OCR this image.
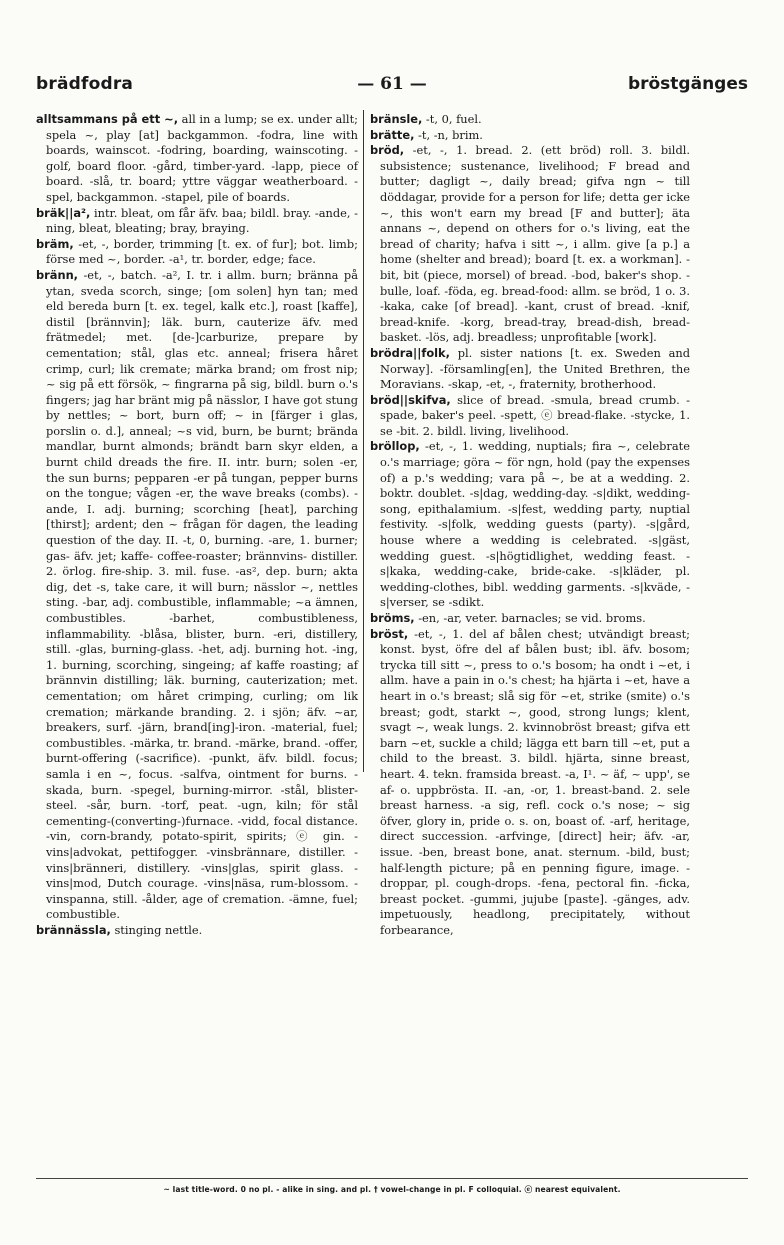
brädfodra	— 61 —	bröstgänges

alltsammans på ett ~, all in a lump; se ex. under allt; spela ~, play [at] backgammon. -fodra, line with boards, wainscot. -fodring, boarding, wainscoting. -golf, board floor. -gård, timber-yard. -lapp, piece of board. -slå, tr. board; yttre väggar weatherboard. -spel, backgammon. -stapel, pile of boards.

bräk||a², intr. bleat, om får äfv. baa; bildl. bray. -ande, -ning, bleat, bleating; bray, braying.

bräm, -et, -, border, trimming [t. ex. of fur]; bot. limb; förse med ~, border. -a¹, tr. border, edge; face.

bränn, -et, -, batch. -a², I. tr. i allm. burn; bränna på ytan, sveda scorch, singe; [om solen] hyn tan; med eld bereda burn [t. ex. tegel, kalk etc.], roast [kaffe], distil [brännvin]; läk. burn, cauterize äfv. med frätmedel; met. [de-]carburize, prepare by cementation; stål, glas etc. anneal; frisera håret crimp, curl; lik cremate; märka brand; om frost nip; ~ sig på ett försök, ~ fingrarna på sig, bildl. burn o.'s fingers; jag har bränt mig på nässlor, I have got stung by nettles; ~ bort, burn off; ~ in [färger i glas, porslin o. d.], anneal; ~s vid, burn, be burnt; brända mandlar, burnt almonds; brändt barn skyr elden, a burnt child dreads the fire. II. intr. burn; solen -er, the sun burns; pepparen -er på tungan, pepper burns on the tongue; vågen -er, the wave breaks (combs). -ande, I. adj. burning; scorching [heat], parching [thirst]; ardent; den ~ frågan för dagen, the leading question of the day. II. -t, 0, burning. -are, 1. burner; gas- äfv. jet; kaffe- coffee-roaster; brännvins- distiller. 2. örlog. fire-ship. 3. mil. fuse. -as², dep. burn; akta dig, det -s, take care, it will burn; nässlor ~, nettles sting. -bar, adj. combustible, inflammable; ~a ämnen, combustibles. -barhet, combustibleness, inflammability. -blåsa, blister, burn. -eri, distillery, still. -glas, burning-glass. -het, adj. burning hot. -ing, 1. burning, scorching, singeing; af kaffe roasting; af brännvin distilling; läk. burning, cauterization; met. cementation; om håret crimping, curling; om lik cremation; märkande branding. 2. i sjön; äfv. ~ar, breakers, surf. -järn, brand[ing]-iron. -material, fuel; combustibles. -märka, tr. brand. -märke, brand. -offer, burnt-offering (-sacrifice). -punkt, äfv. bildl. focus; samla i en ~, focus. -salfva, ointment for burns. -skada, burn. -spegel, burning-mirror. -stål, blister-steel. -sår, burn. -torf, peat. -ugn, kiln; för stål cementing-(converting-)furnace. -vidd, focal distance. -vin, corn-brandy, potato-spirit, spirits; ⓔ gin. -vins|advokat, pettifogger. -vinsbrännare, distiller. -vins|bränneri, distillery. -vins|glas, spirit glass. -vins|mod, Dutch courage. -vins|näsa, rum-blossom. -vinspanna, still. -ålder, age of cremation. -ämne, fuel; combustible.

brännässla, stinging nettle.

bränsle, -t, 0, fuel.

brätte, -t, -n, brim.

bröd, -et, -, 1. bread. 2. (ett bröd) roll. 3. bildl. subsistence; sustenance, livelihood; F bread and butter; dagligt ~, daily bread; gifva ngn ~ till döddagar, provide for a person for life; detta ger icke ~, this won't earn my bread [F and butter]; äta annans ~, depend on others for o.'s living, eat the bread of charity; hafva i sitt ~, i allm. give [a p.] a home (shelter and bread); board [t. ex. a workman]. -bit, bit (piece, morsel) of bread. -bod, baker's shop. -bulle, loaf. -föda, eg. bread-food: allm. se bröd, 1 o. 3. -kaka, cake [of bread]. -kant, crust of bread. -knif, bread-knife. -korg, bread-tray, bread-dish, bread-basket. -lös, adj. breadless; unprofitable [work].

brödra||folk, pl. sister nations [t. ex. Sweden and Norway]. -församling[en], the United Brethren, the Moravians. -skap, -et, -, fraternity, brotherhood.

bröd||skifva, slice of bread. -smula, bread crumb. -spade, baker's peel. -spett, ⓔ bread-flake. -stycke, 1. se -bit. 2. bildl. living, livelihood.

bröllop, -et, -, 1. wedding, nuptials; fira ~, celebrate o.'s marriage; göra ~ för ngn, hold (pay the expenses of) a p.'s wedding; vara på ~, be at a wedding. 2. boktr. doublet. -s|dag, wedding-day. -s|dikt, wedding-song, epithalamium. -s|fest, wedding party, nuptial festivity. -s|folk, wedding guests (party). -s|gård, house where a wedding is celebrated. -s|gäst, wedding guest. -s|högtidlighet, wedding feast. -s|kaka, wedding-cake, bride-cake. -s|kläder, pl. wedding-clothes, bibl. wedding garments. -s|kväde, -s|verser, se -sdikt.

bröms, -en, -ar, veter. barnacles; se vid. broms.

bröst, -et, -, 1. del af bålen chest; utvändigt breast; konst. byst, öfre del af bålen bust; ibl. äfv. bosom; trycka till sitt ~, press to o.'s bosom; ha ondt i ~et, i allm. have a pain in o.'s chest; ha hjärta i ~et, have a heart in o.'s breast; slå sig för ~et, strike (smite) o.'s breast; godt, starkt ~, good, strong lungs; klent, svagt ~, weak lungs. 2. kvinnobröst breast; gifva ett barn ~et, suckle a child; lägga ett barn till ~et, put a child to the breast. 3. bildl. hjärta, sinne breast, heart. 4. tekn. framsida breast. -a, I¹. ~ äf, ~ upp', se af- o. uppbrösta. II. -an, -or, 1. breast-band. 2. sele breast harness. -a sig, refl. cock o.'s nose; ~ sig öfver, glory in, pride o. s. on, boast of. -arf, heritage, direct succession. -arfvinge, [direct] heir; äfv. -ar, issue. -ben, breast bone, anat. sternum. -bild, bust; half-length picture; på en penning figure, image. -droppar, pl. cough-drops. -fena, pectoral fin. -ficka, breast pocket. -gummi, jujube [paste]. -gänges, adv. impetuously, headlong, precipitately, without forbearance,

~ last title-word. 0 no pl. - alike in sing. and pl. † vowel-change in pl. F colloquial. ⓔ nearest equivalent.
